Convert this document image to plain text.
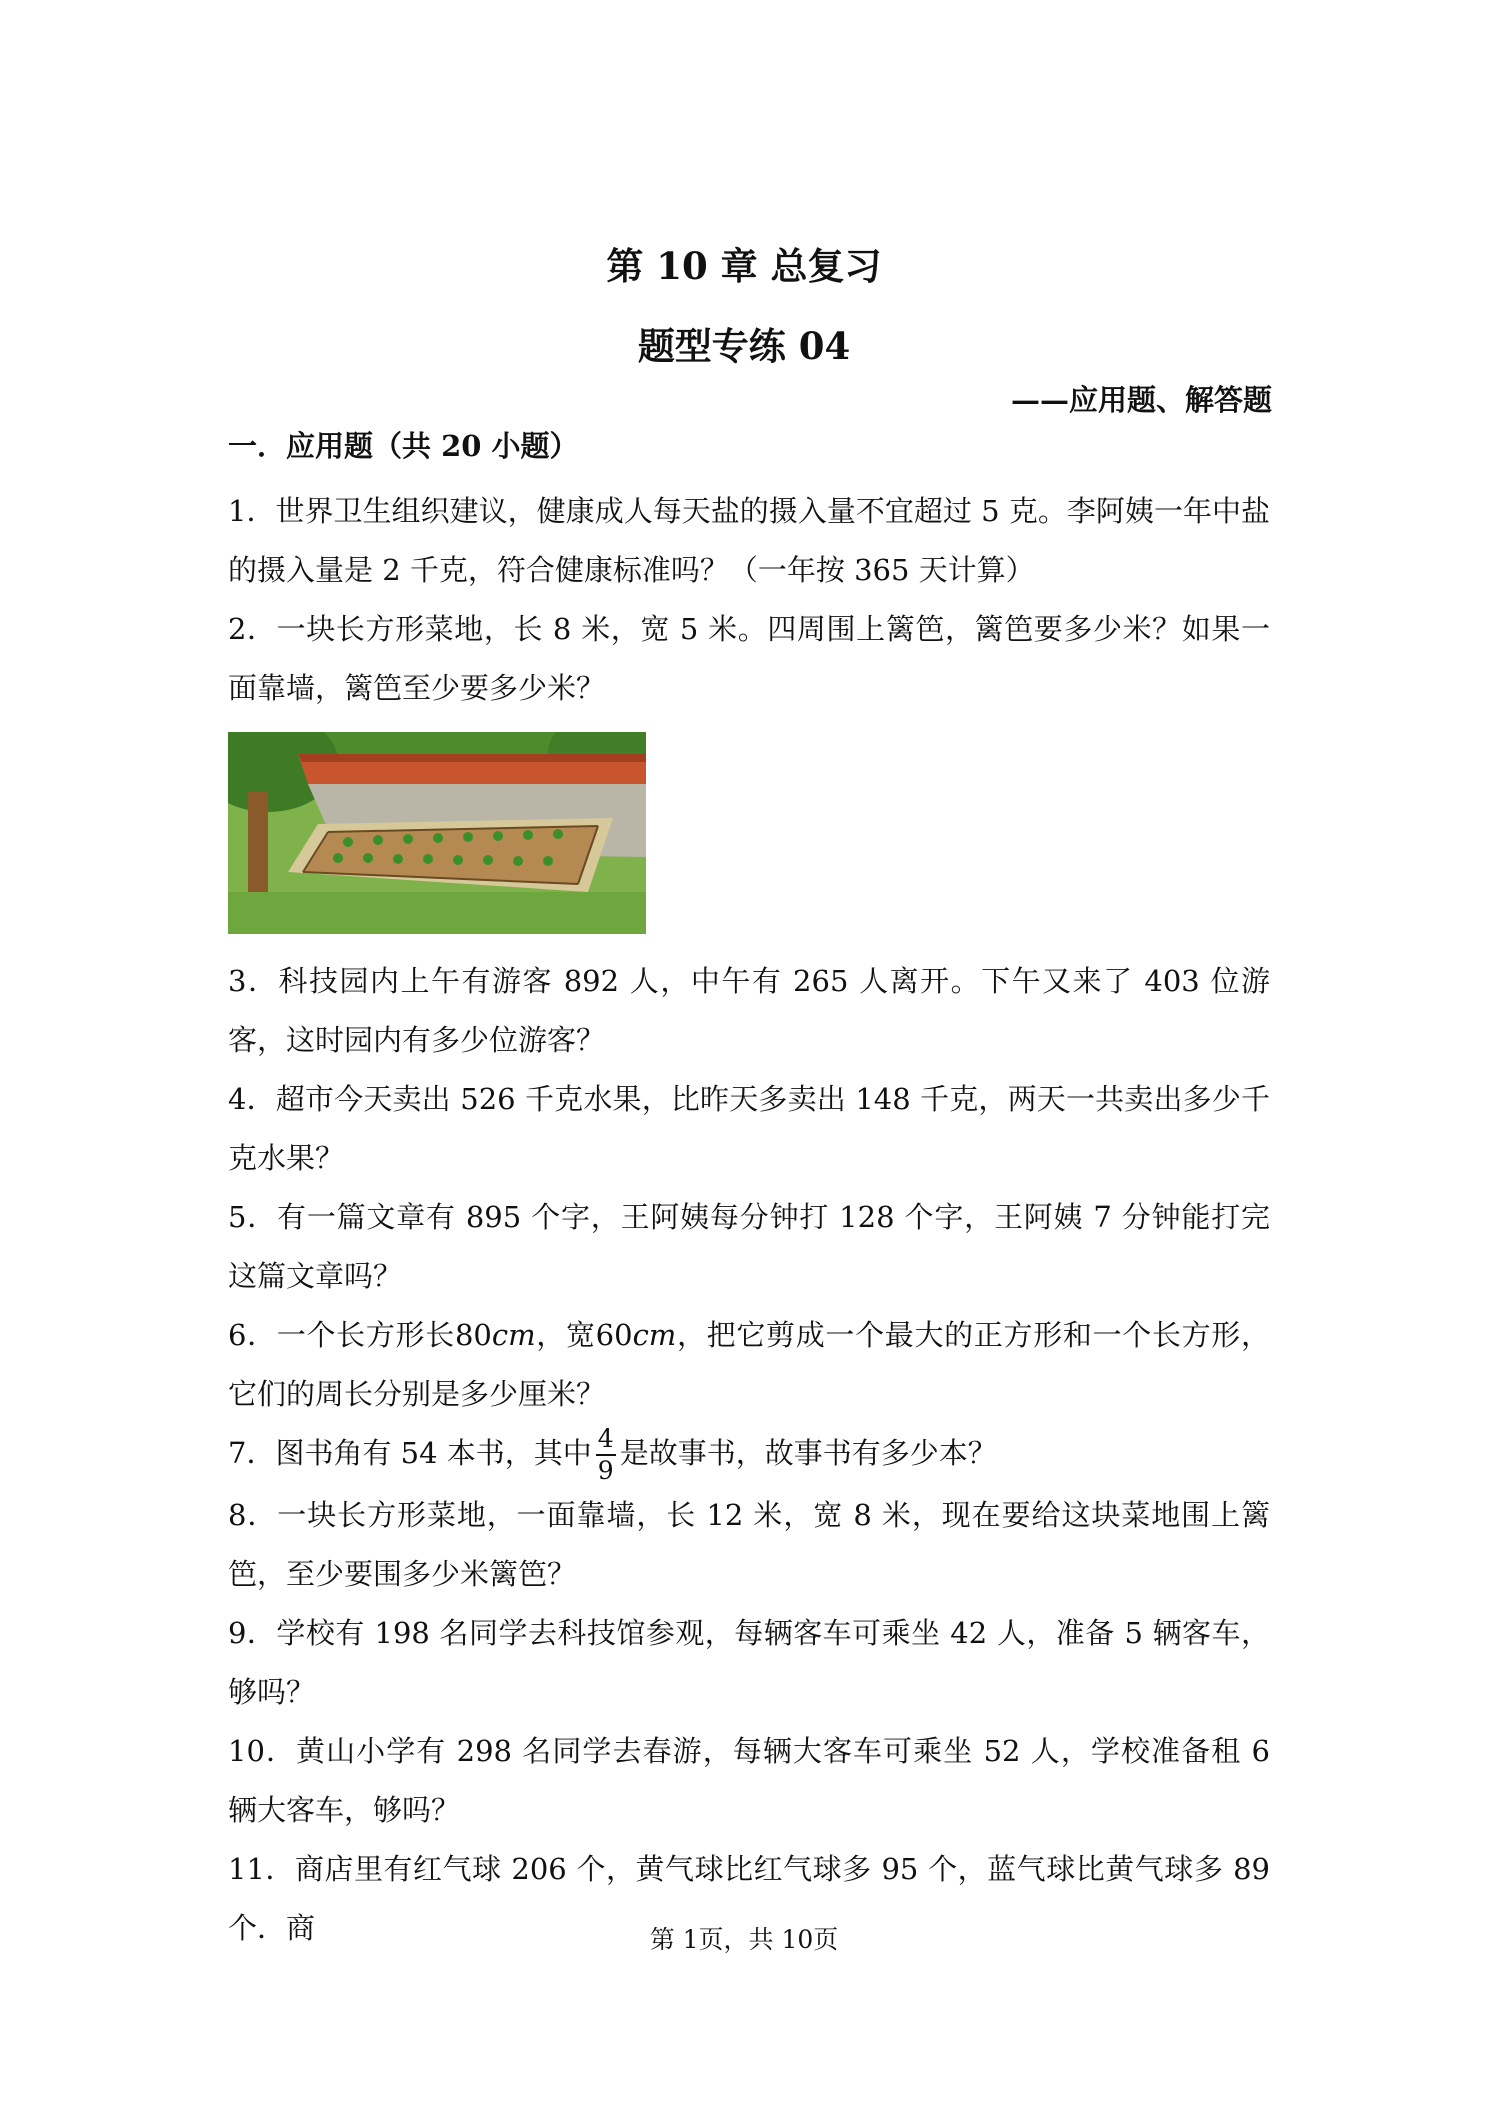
第 10 章 总复习
题型专练 04
——应用题、解答题
一．应用题（共 20 小题）

1．世界卫生组织建议，健康成人每天盐的摄入量不宜超过 5 克。李阿姨一年中盐的摄入量是 2 千克，符合健康标准吗？（一年按 365 天计算）

2．一块长方形菜地，长 8 米，宽 5 米。四周围上篱笆，篱笆要多少米？如果一面靠墙，篱笆至少要多少米？

3．科技园内上午有游客 892 人，中午有 265 人离开。下午又来了 403 位游客，这时园内有多少位游客？

4．超市今天卖出 526 千克水果，比昨天多卖出 148 千克，两天一共卖出多少千克水果？

5．有一篇文章有 895 个字，王阿姨每分钟打 128 个字，王阿姨 7 分钟能打完这篇文章吗？

6．一个长方形长80cm，宽60cm，把它剪成一个最大的正方形和一个长方形，它们的周长分别是多少厘米？

7．图书角有 54 本书，其中 $\frac{4}{9}$ 是故事书，故事书有多少本？

8．一块长方形菜地，一面靠墙，长 12 米，宽 8 米，现在要给这块菜地围上篱笆，至少要围多少米篱笆？

9．学校有 198 名同学去科技馆参观，每辆客车可乘坐 42 人，准备 5 辆客车，够吗？

10．黄山小学有 298 名同学去春游，每辆大客车可乘坐 52 人，学校准备租 6 辆大客车，够吗？

11．商店里有红气球 206 个，黄气球比红气球多 95 个，蓝气球比黄气球多 89 个．商	第 1页，共 10页
